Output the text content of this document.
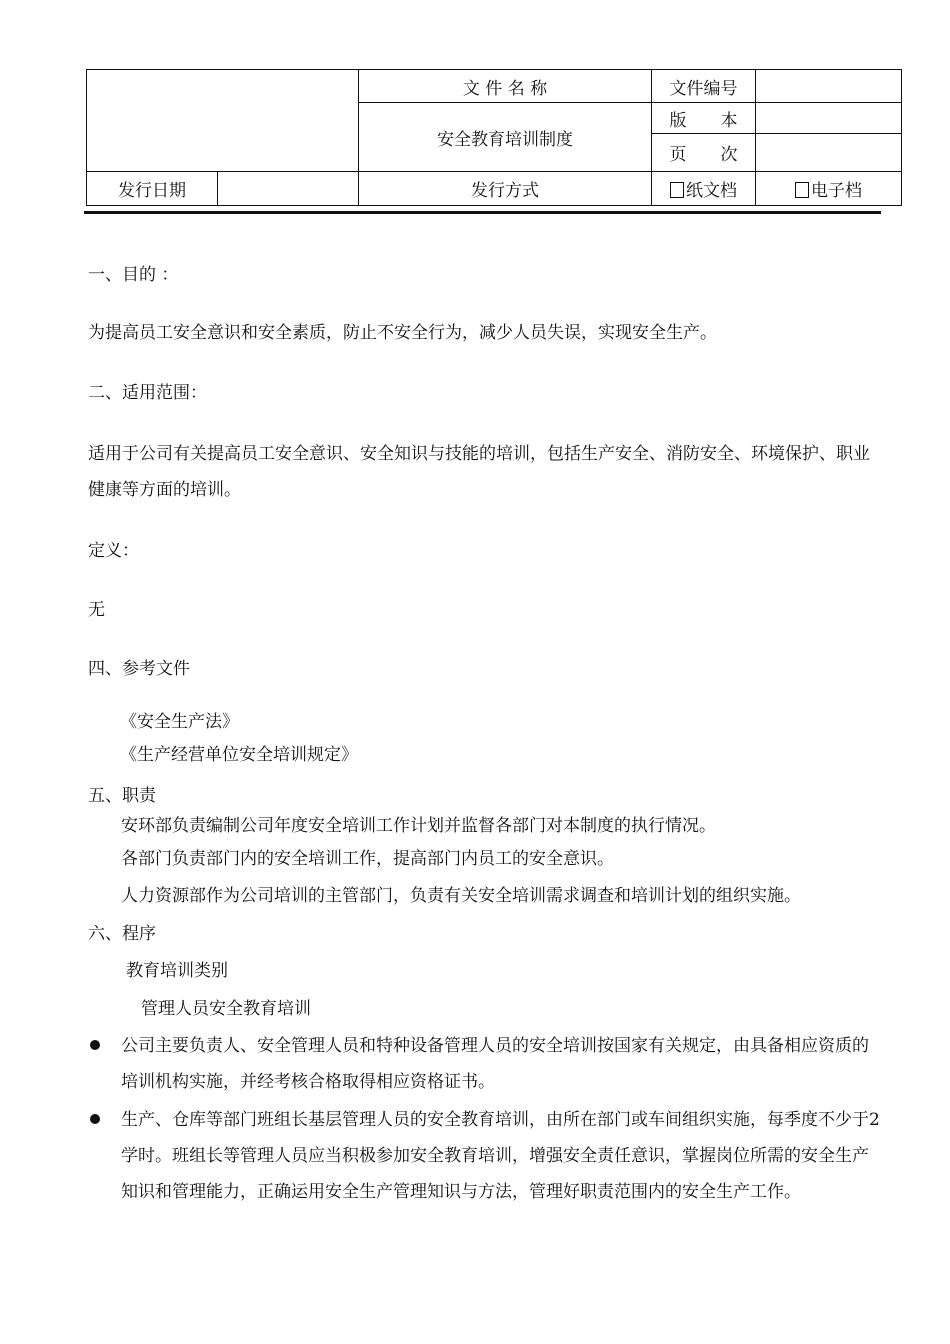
		文 件 名 称	文件编号	
		安全教育培训制度	版　　本	
			页　　次	
发行日期		发行方式	纸文档	电子档
一、目的 ：
为提高员工安全意识和安全素质，防止不安全行为，减少人员失误，实现安全生产。
二、适用范围：
适用于公司有关提高员工安全意识、安全知识与技能的培训，包括生产安全、消防安全、环境保护、职业健康等方面的培训。
定义：
无
四、参考文件
《安全生产法》
《生产经营单位安全培训规定》
五、职责
安环部负责编制公司年度安全培训工作计划并监督各部门对本制度的执行情况。
各部门负责部门内的安全培训工作，提高部门内员工的安全意识。
人力资源部作为公司培训的主管部门，负责有关安全培训需求调查和培训计划的组织实施。
六、程序
教育培训类别
管理人员安全教育培训
公司主要负责人、安全管理人员和特种设备管理人员的安全培训按国家有关规定，由具备相应资质的培训机构实施，并经考核合格取得相应资格证书。
生产、仓库等部门班组长基层管理人员的安全教育培训，由所在部门或车间组织实施，每季度不少于2学时。班组长等管理人员应当积极参加安全教育培训，增强安全责任意识，掌握岗位所需的安全生产知识和管理能力，正确运用安全生产管理知识与方法，管理好职责范围内的安全生产工作。
